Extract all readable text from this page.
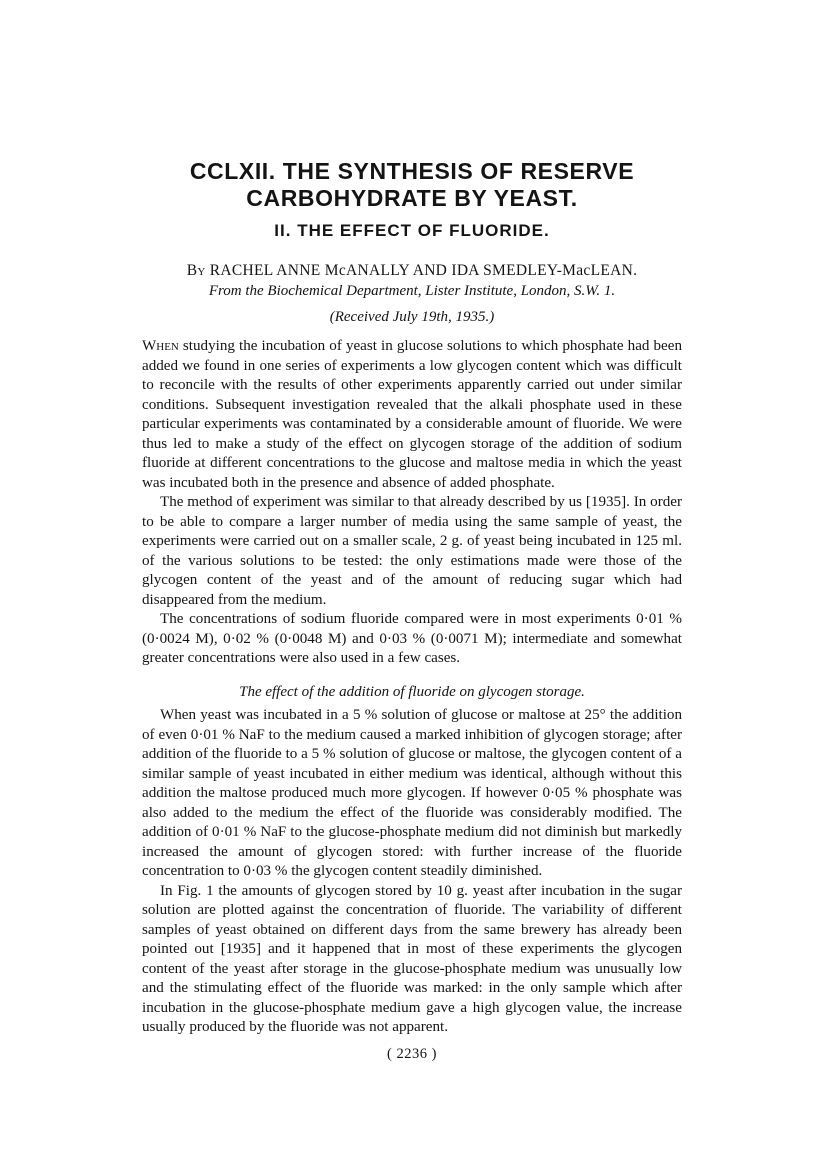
CCLXII. THE SYNTHESIS OF RESERVE
CARBOHYDRATE BY YEAST.
II. THE EFFECT OF FLUORIDE.
By RACHEL ANNE McANALLY AND IDA SMEDLEY-MacLEAN.
From the Biochemical Department, Lister Institute, London, S.W. 1.
(Received July 19th, 1935.)

When studying the incubation of yeast in glucose solutions to which phosphate had been added we found in one series of experiments a low glycogen content which was difficult to reconcile with the results of other experiments apparently carried out under similar conditions. Subsequent investigation revealed that the alkali phosphate used in these particular experiments was contaminated by a considerable amount of fluoride. We were thus led to make a study of the effect on glycogen storage of the addition of sodium fluoride at different concentrations to the glucose and maltose media in which the yeast was incubated both in the presence and absence of added phosphate.

The method of experiment was similar to that already described by us [1935]. In order to be able to compare a larger number of media using the same sample of yeast, the experiments were carried out on a smaller scale, 2 g. of yeast being incubated in 125 ml. of the various solutions to be tested: the only estimations made were those of the glycogen content of the yeast and of the amount of reducing sugar which had disappeared from the medium.

The concentrations of sodium fluoride compared were in most experiments 0·01 % (0·0024 M), 0·02 % (0·0048 M) and 0·03 % (0·0071 M); intermediate and somewhat greater concentrations were also used in a few cases.

The effect of the addition of fluoride on glycogen storage.

When yeast was incubated in a 5 % solution of glucose or maltose at 25° the addition of even 0·01 % NaF to the medium caused a marked inhibition of glycogen storage; after addition of the fluoride to a 5 % solution of glucose or maltose, the glycogen content of a similar sample of yeast incubated in either medium was identical, although without this addition the maltose produced much more glycogen. If however 0·05 % phosphate was also added to the medium the effect of the fluoride was considerably modified. The addition of 0·01 % NaF to the glucose-phosphate medium did not diminish but markedly increased the amount of glycogen stored: with further increase of the fluoride concentration to 0·03 % the glycogen content steadily diminished.

In Fig. 1 the amounts of glycogen stored by 10 g. yeast after incubation in the sugar solution are plotted against the concentration of fluoride. The variability of different samples of yeast obtained on different days from the same brewery has already been pointed out [1935] and it happened that in most of these experiments the glycogen content of the yeast after storage in the glucose-phosphate medium was unusually low and the stimulating effect of the fluoride was marked: in the only sample which after incubation in the glucose-phosphate medium gave a high glycogen value, the increase usually produced by the fluoride was not apparent.

( 2236 )
